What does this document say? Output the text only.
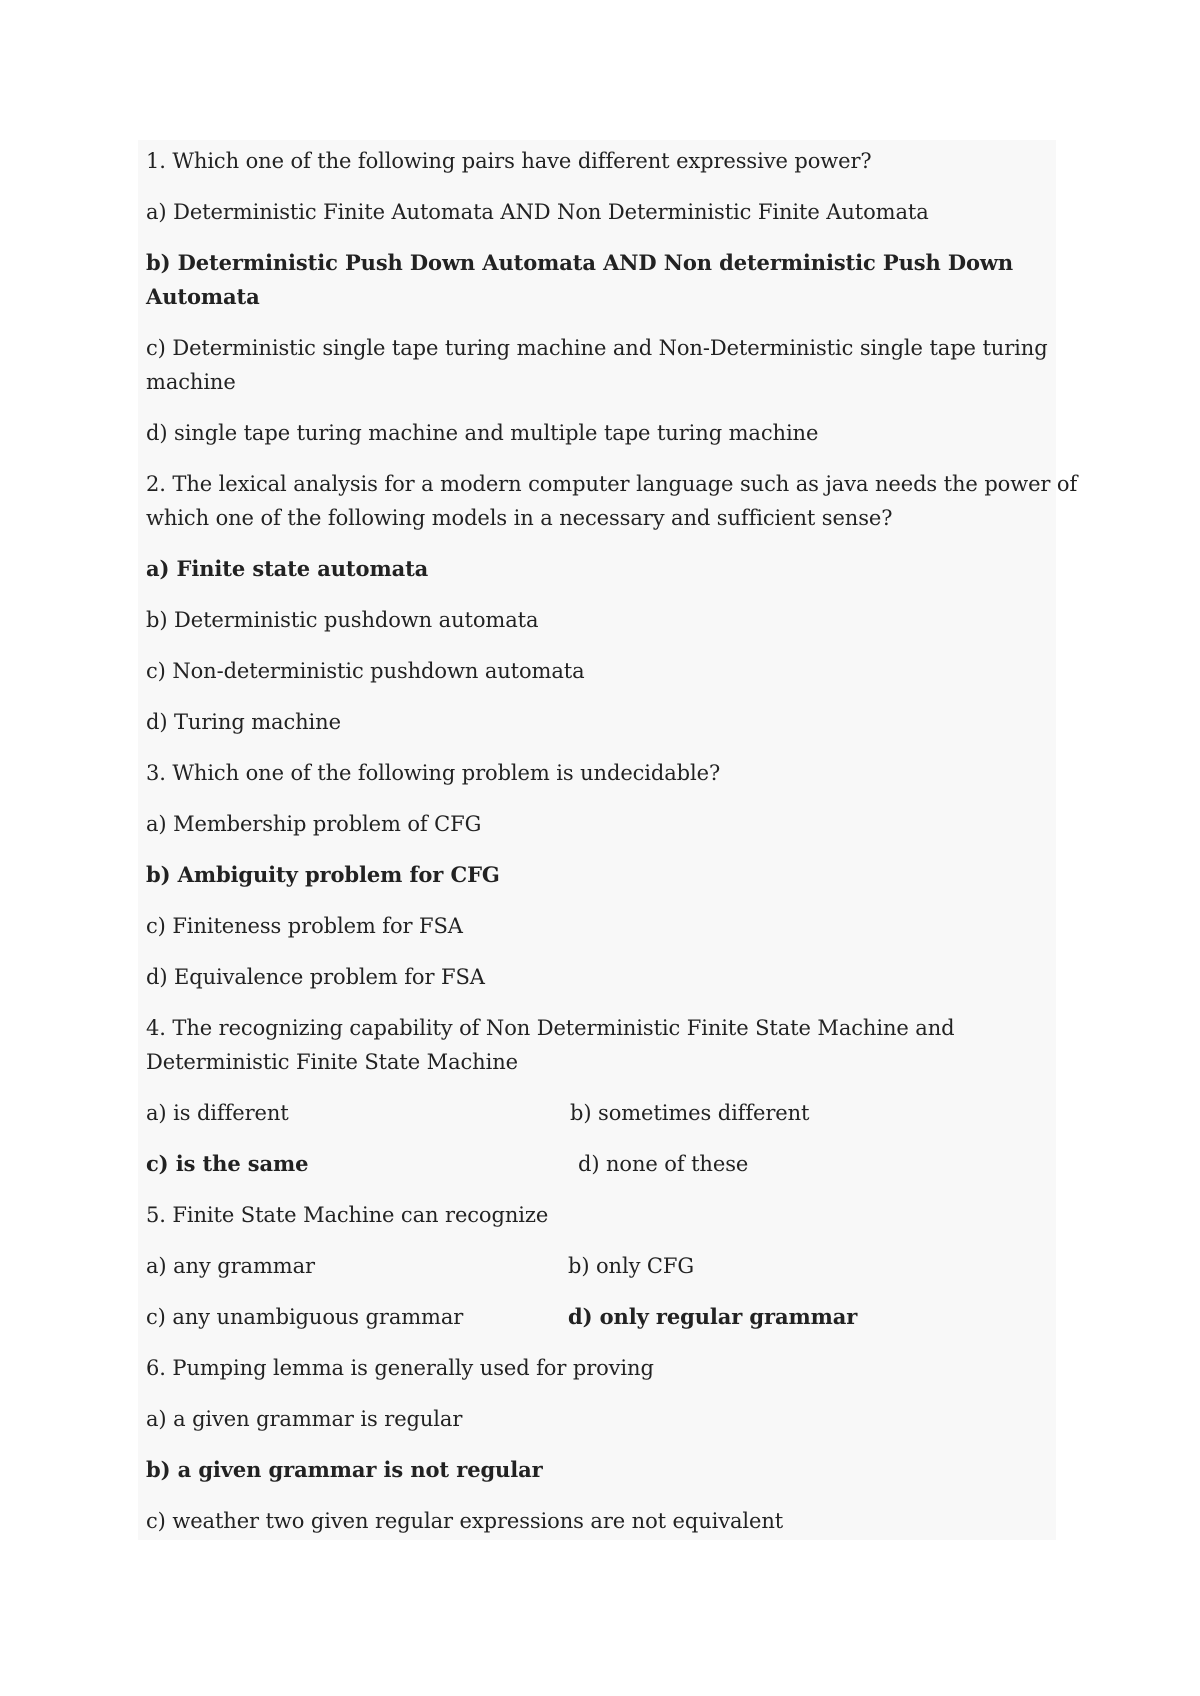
1. Which one of the following pairs have different expressive power?
a) Deterministic Finite Automata AND Non Deterministic Finite Automata
b) Deterministic Push Down Automata AND Non deterministic Push Down
Automata
c) Deterministic single tape turing machine and Non-Deterministic single tape turing
machine
d) single tape turing machine and multiple tape turing machine
2. The lexical analysis for a modern computer language such as java needs the power of
which one of the following models in a necessary and sufficient sense?
a) Finite state automata
b) Deterministic pushdown automata
c) Non-deterministic pushdown automata
d) Turing machine
3. Which one of the following problem is undecidable?
a) Membership problem of CFG
b) Ambiguity problem for CFG
c) Finiteness problem for FSA
d) Equivalence problem for FSA
4. The recognizing capability of Non Deterministic Finite State Machine and
Deterministic Finite State Machine
a) is different	b) sometimes different
c) is the same	d) none of these
5. Finite State Machine can recognize
a) any grammar	b) only CFG
c) any unambiguous grammar	d) only regular grammar
6. Pumping lemma is generally used for proving
a) a given grammar is regular
b) a given grammar is not regular
c) weather two given regular expressions are not equivalent
